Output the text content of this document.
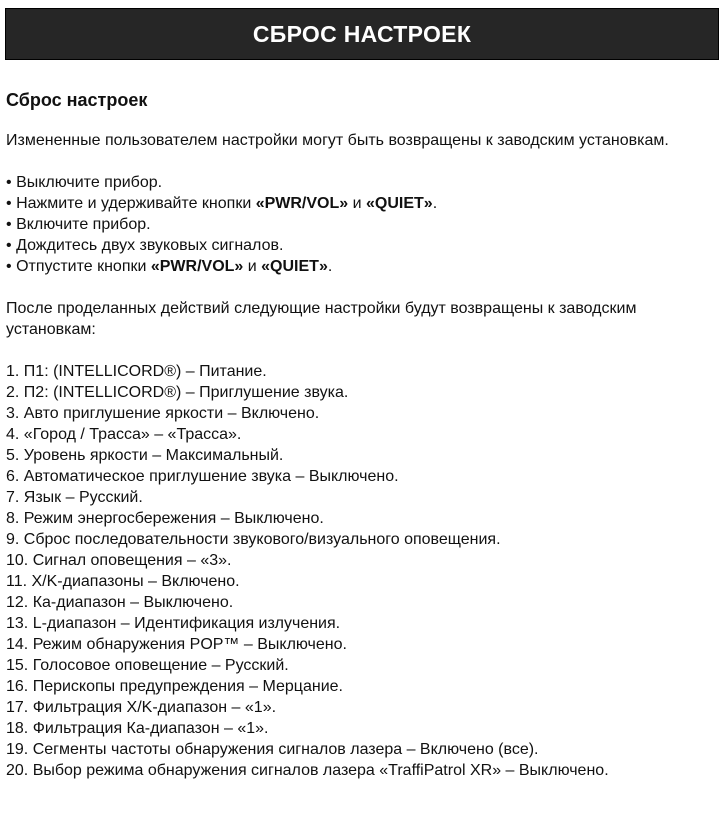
СБРОС НАСТРОЕК
Сброс настроек

Измененные пользователем настройки могут быть возвращены к заводским установкам.

• Выключите прибор.
• Нажмите и удерживайте кнопки «PWR/VOL» и «QUIET».
• Включите прибор.
• Дождитесь двух звуковых сигналов.
• Отпустите кнопки «PWR/VOL» и «QUIET».

После проделанных действий следующие настройки будут возвращены к заводским установкам:

1. П1: (INTELLICORD®) – Питание.
2. П2: (INTELLICORD®) – Приглушение звука.
3. Авто приглушение яркости – Включено.
4. «Город / Трасса» – «Трасса».
5. Уровень яркости – Максимальный.
6. Автоматическое приглушение звука – Выключено.
7. Язык – Русский.
8. Режим энергосбережения – Выключено.
9. Сброс последовательности звукового/визуального оповещения.
10. Сигнал оповещения – «3».
11. X/K-диапазоны – Включено.
12. Ка-диапазон – Выключено.
13. L-диапазон – Идентификация излучения.
14. Режим обнаружения POP™ – Выключено.
15. Голосовое оповещение – Русский.
16. Перископы предупреждения – Мерцание.
17. Фильтрация X/K-диапазон – «1».
18. Фильтрация Ка-диапазон – «1».
19. Сегменты частоты обнаружения сигналов лазера – Включено (все).
20. Выбор режима обнаружения сигналов лазера «TraffiPatrol XR» – Выключено.
